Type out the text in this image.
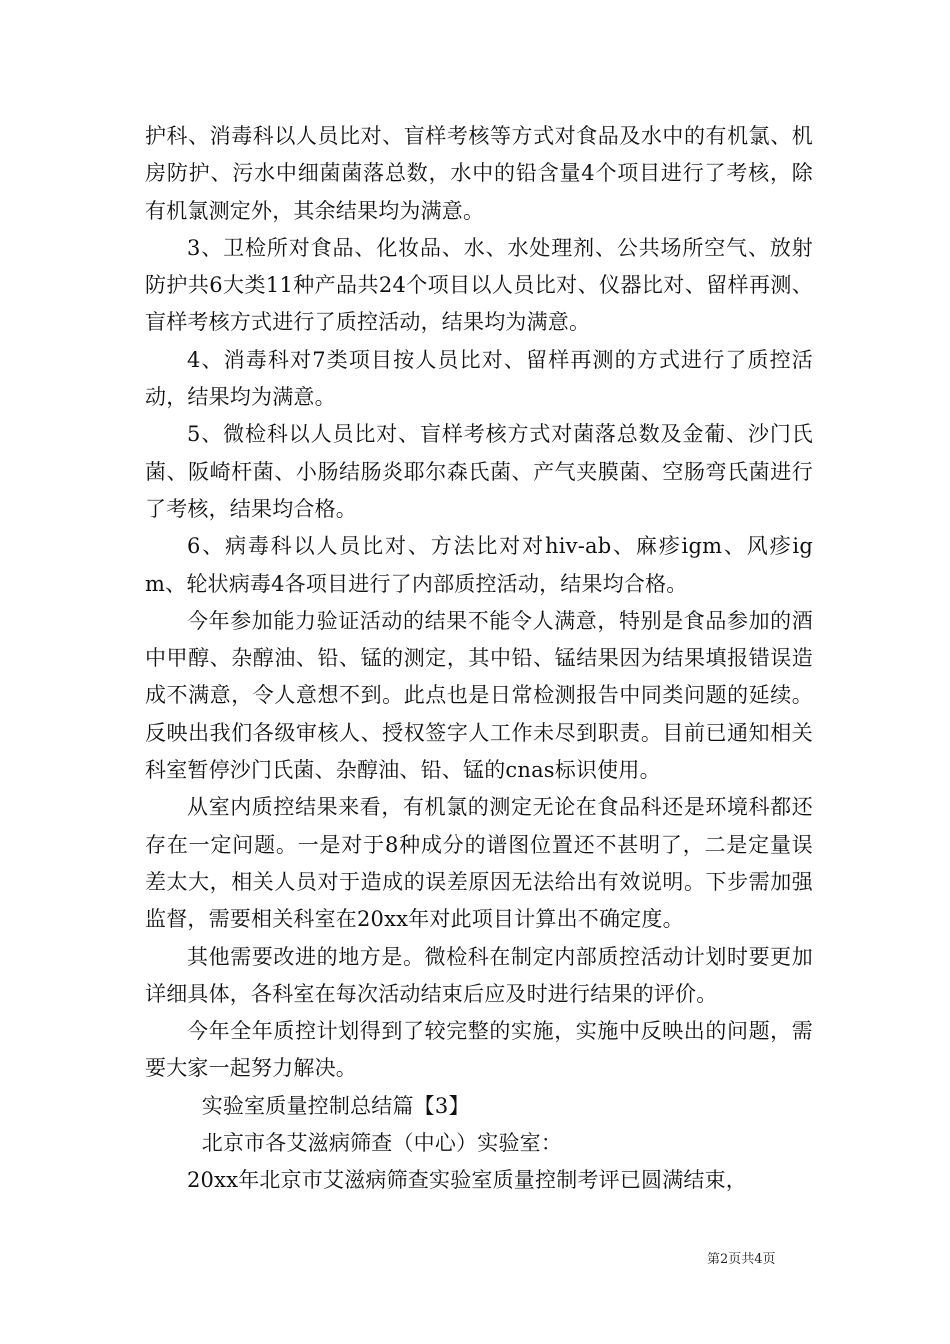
护科、消毒科以人员比对、盲样考核等方式对食品及水中的有机氯、机房防护、污水中细菌菌落总数，水中的铅含量4个项目进行了考核，除有机氯测定外，其余结果均为满意。

3、卫检所对食品、化妆品、水、水处理剂、公共场所空气、放射防护共6大类11种产品共24个项目以人员比对、仪器比对、留样再测、盲样考核方式进行了质控活动，结果均为满意。

4、消毒科对7类项目按人员比对、留样再测的方式进行了质控活动，结果均为满意。

5、微检科以人员比对、盲样考核方式对菌落总数及金葡、沙门氏菌、阪崎杆菌、小肠结肠炎耶尔森氏菌、产气夹膜菌、空肠弯氏菌进行了考核，结果均合格。

6、病毒科以人员比对、方法比对对hiv-ab、麻疹igm、风疹igm、轮状病毒4各项目进行了内部质控活动，结果均合格。

今年参加能力验证活动的结果不能令人满意，特别是食品参加的酒中甲醇、杂醇油、铅、锰的测定，其中铅、锰结果因为结果填报错误造成不满意，令人意想不到。此点也是日常检测报告中同类问题的延续。反映出我们各级审核人、授权签字人工作未尽到职责。目前已通知相关科室暂停沙门氏菌、杂醇油、铅、锰的cnas标识使用。

从室内质控结果来看，有机氯的测定无论在食品科还是环境科都还存在一定问题。一是对于8种成分的谱图位置还不甚明了，二是定量误差太大，相关人员对于造成的误差原因无法给出有效说明。下步需加强监督，需要相关科室在20xx年对此项目计算出不确定度。

其他需要改进的地方是。微检科在制定内部质控活动计划时要更加详细具体，各科室在每次活动结束后应及时进行结果的评价。

今年全年质控计划得到了较完整的实施，实施中反映出的问题，需要大家一起努力解决。

实验室质量控制总结篇【3】

北京市各艾滋病筛查（中心）实验室：

20xx年北京市艾滋病筛查实验室质量控制考评已圆满结束，

第2页共4页
